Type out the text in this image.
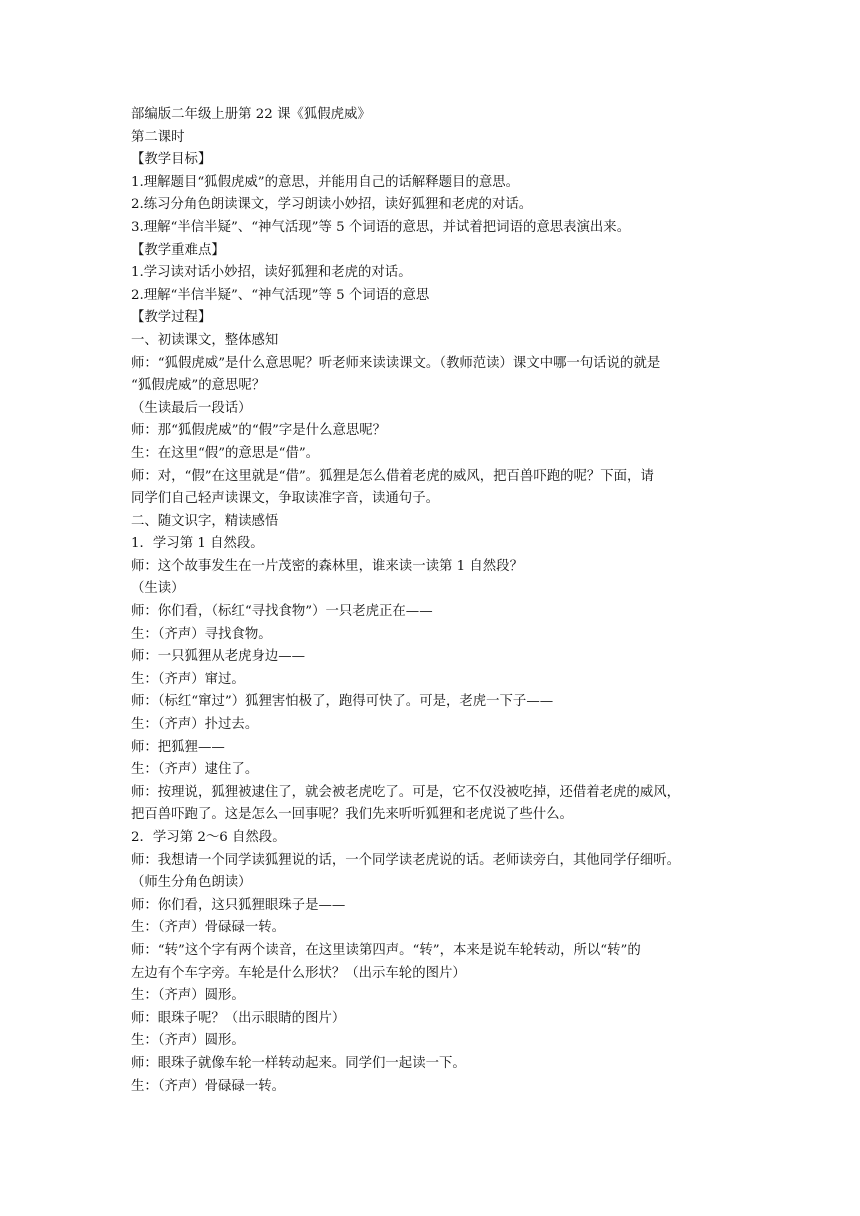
部编版二年级上册第 22 课《狐假虎威》
第二课时
【教学目标】
1.理解题目“狐假虎威”的意思，并能用自己的话解释题目的意思。
2.练习分角色朗读课文，学习朗读小妙招，读好狐狸和老虎的对话。
3.理解“半信半疑”、“神气活现”等 5 个词语的意思，并试着把词语的意思表演出来。
【教学重难点】
1.学习读对话小妙招，读好狐狸和老虎的对话。
2.理解“半信半疑”、“神气活现”等 5 个词语的意思
【教学过程】
一、初读课文，整体感知
师：“狐假虎威”是什么意思呢？听老师来读读课文。（教师范读）课文中哪一句话说的就是
“狐假虎威”的意思呢？
（生读最后一段话）
师：那“狐假虎威”的“假”字是什么意思呢？
生：在这里“假”的意思是“借”。
师：对，“假”在这里就是“借”。狐狸是怎么借着老虎的威风，把百兽吓跑的呢？下面，请
同学们自己轻声读课文，争取读准字音，读通句子。
二、随文识字，精读感悟
1．学习第 1 自然段。
师：这个故事发生在一片茂密的森林里，谁来读一读第 1 自然段？
（生读）
师：你们看，（标红“寻找食物”）一只老虎正在——
生：（齐声）寻找食物。
师：一只狐狸从老虎身边——
生：（齐声）窜过。
师：（标红“窜过”）狐狸害怕极了，跑得可快了。可是，老虎一下子——
生：（齐声）扑过去。
师：把狐狸——
生：（齐声）逮住了。
师：按理说，狐狸被逮住了，就会被老虎吃了。可是，它不仅没被吃掉，还借着老虎的威风，
把百兽吓跑了。这是怎么一回事呢？我们先来听听狐狸和老虎说了些什么。
2．学习第 2～6 自然段。
师：我想请一个同学读狐狸说的话，一个同学读老虎说的话。老师读旁白，其他同学仔细听。
（师生分角色朗读）
师：你们看，这只狐狸眼珠子是——
生：（齐声）骨碌碌一转。
师：“转”这个字有两个读音，在这里读第四声。“转”，本来是说车轮转动，所以“转”的
左边有个车字旁。车轮是什么形状？（出示车轮的图片）
生：（齐声）圆形。
师：眼珠子呢？（出示眼睛的图片）
生：（齐声）圆形。
师：眼珠子就像车轮一样转动起来。同学们一起读一下。
生：（齐声）骨碌碌一转。
